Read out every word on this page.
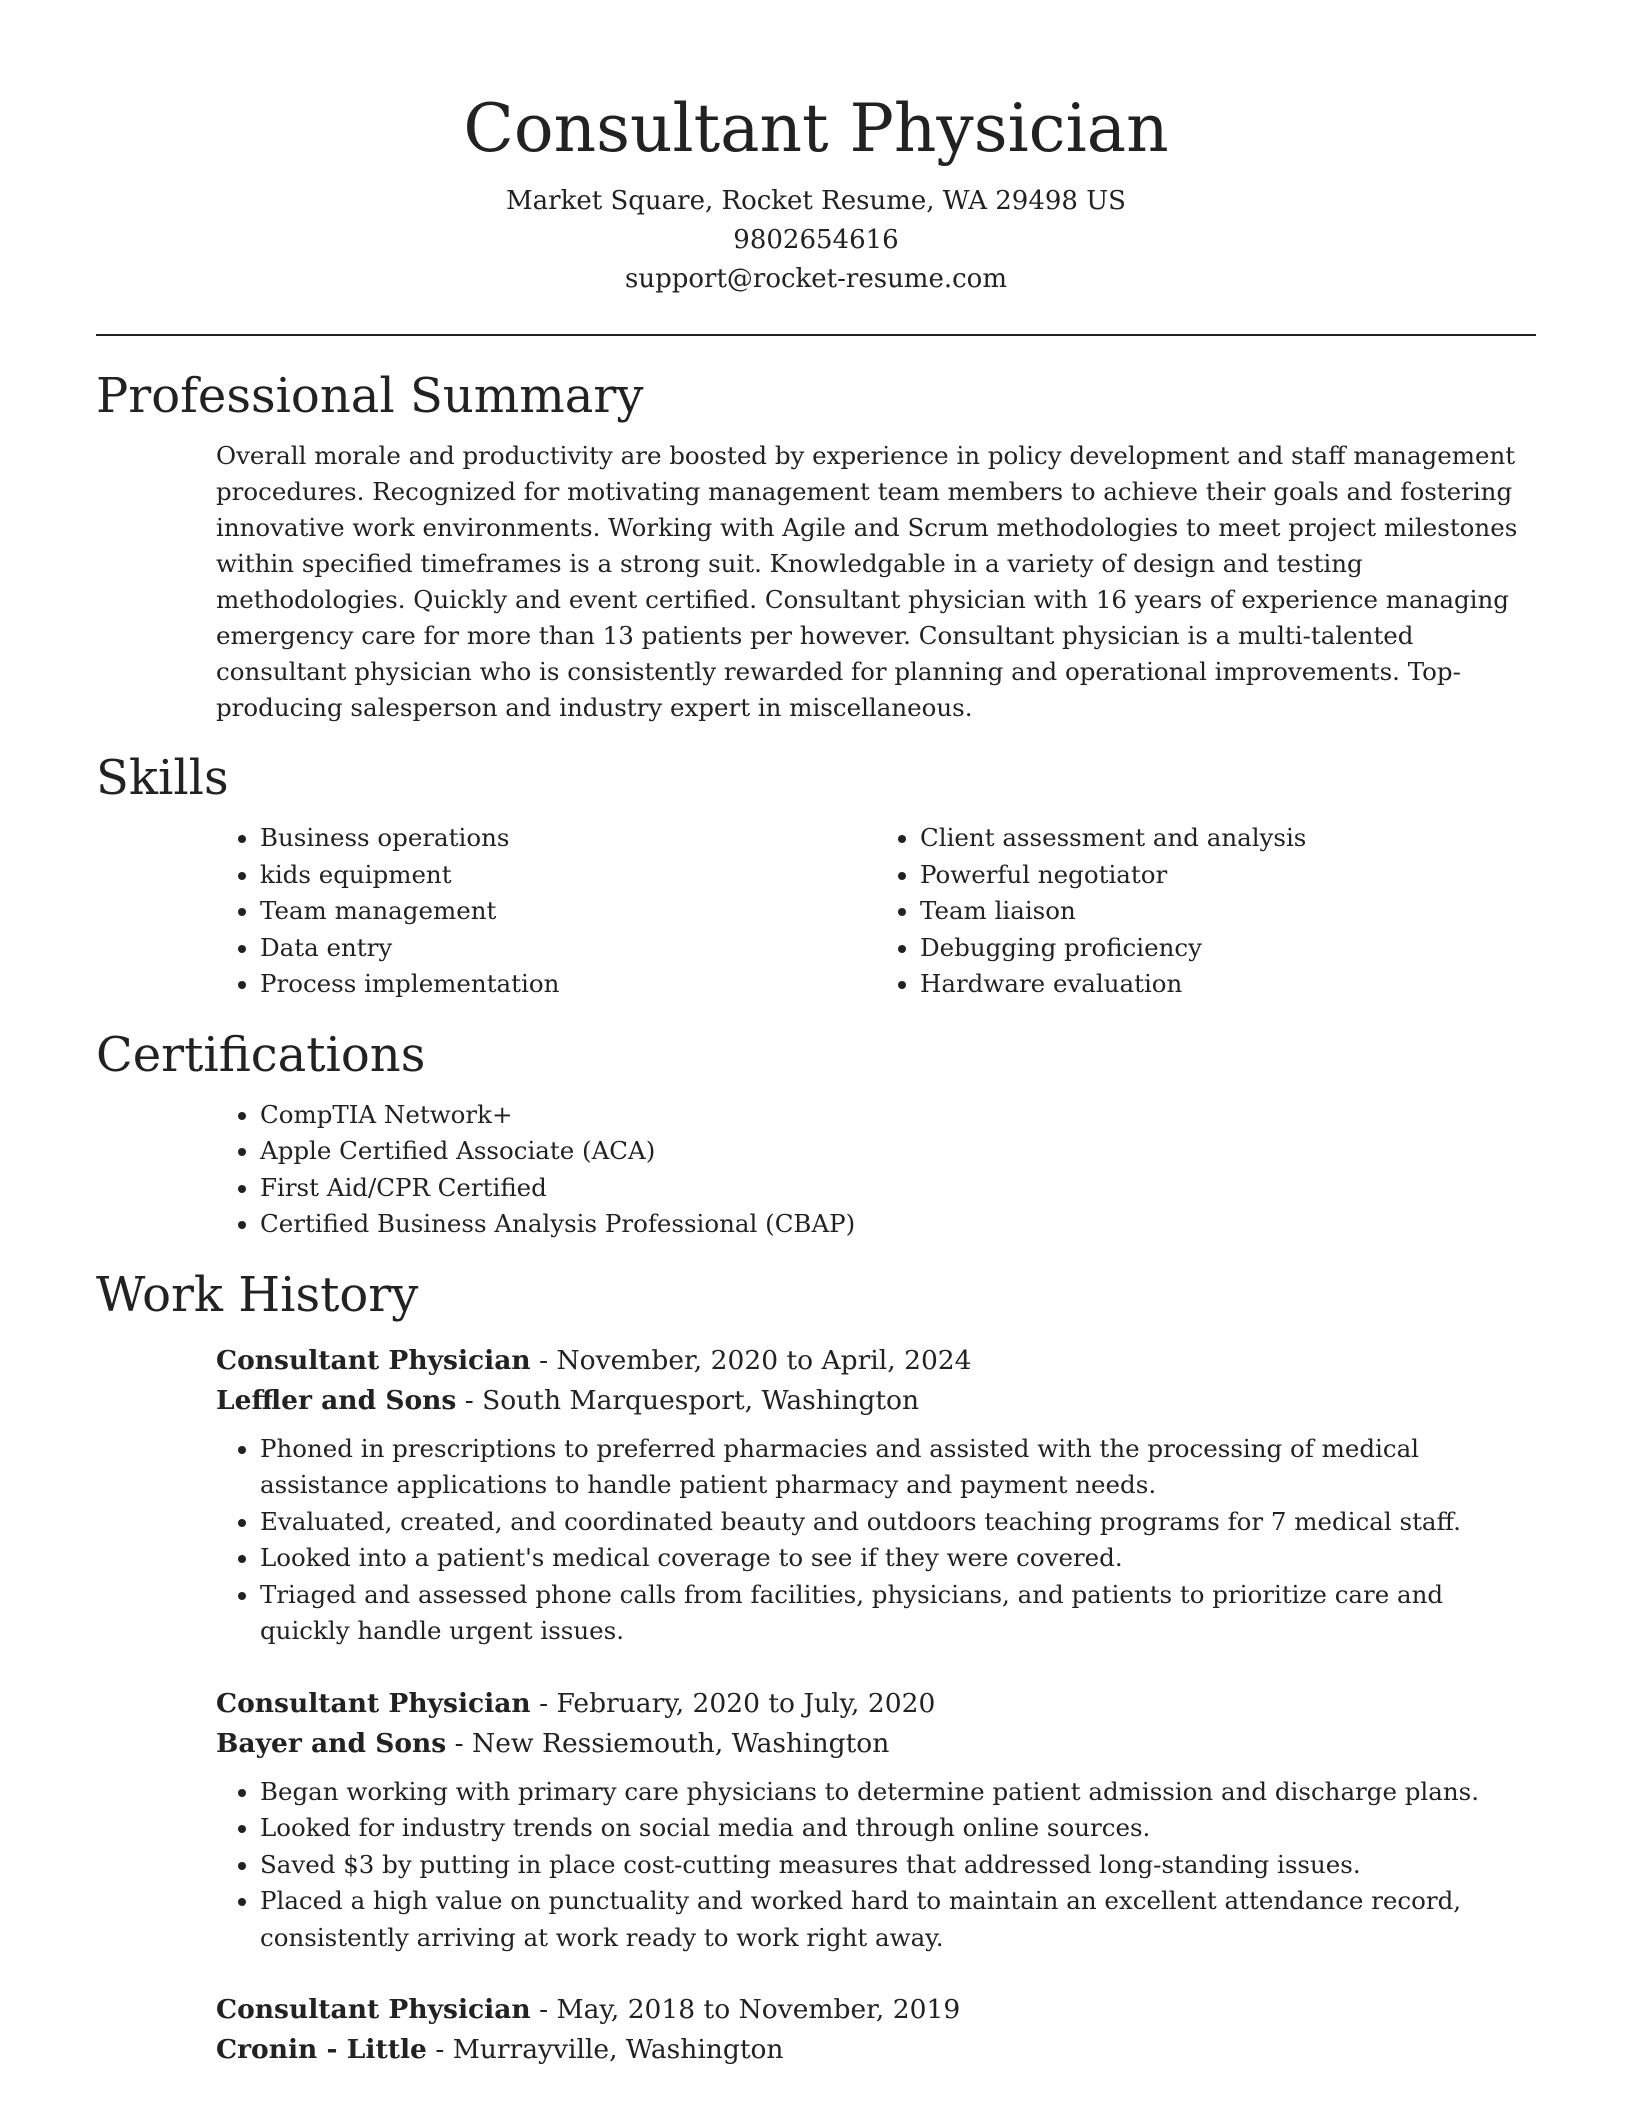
Consultant Physician
Market Square, Rocket Resume, WA 29498 US
9802654616
support@rocket-resume.com
Professional Summary

Overall morale and productivity are boosted by experience in policy development and staff management procedures. Recognized for motivating management team members to achieve their goals and fostering innovative work environments. Working with Agile and Scrum methodologies to meet project milestones within specified timeframes is a strong suit. Knowledgable in a variety of design and testing methodologies. Quickly and event certified. Consultant physician with 16 years of experience managing emergency care for more than 13 patients per however. Consultant physician is a multi-talented consultant physician who is consistently rewarded for planning and operational improvements. Top-producing salesperson and industry expert in miscellaneous.

Skills
• Business operations
• kids equipment
• Team management
• Data entry
• Process implementation
• Client assessment and analysis
• Powerful negotiator
• Team liaison
• Debugging proficiency
• Hardware evaluation
Certifications
• CompTIA Network+
• Apple Certified Associate (ACA)
• First Aid/CPR Certified
• Certified Business Analysis Professional (CBAP)
Work History
Consultant Physician - November, 2020 to April, 2024
Leffler and Sons - South Marquesport, Washington
• Phoned in prescriptions to preferred pharmacies and assisted with the processing of medical assistance applications to handle patient pharmacy and payment needs.
• Evaluated, created, and coordinated beauty and outdoors teaching programs for 7 medical staff.
• Looked into a patient's medical coverage to see if they were covered.
• Triaged and assessed phone calls from facilities, physicians, and patients to prioritize care and quickly handle urgent issues.
Consultant Physician - February, 2020 to July, 2020
Bayer and Sons - New Ressiemouth, Washington
• Began working with primary care physicians to determine patient admission and discharge plans.
• Looked for industry trends on social media and through online sources.
• Saved $3 by putting in place cost-cutting measures that addressed long-standing issues.
• Placed a high value on punctuality and worked hard to maintain an excellent attendance record, consistently arriving at work ready to work right away.
Consultant Physician - May, 2018 to November, 2019
Cronin - Little - Murrayville, Washington
